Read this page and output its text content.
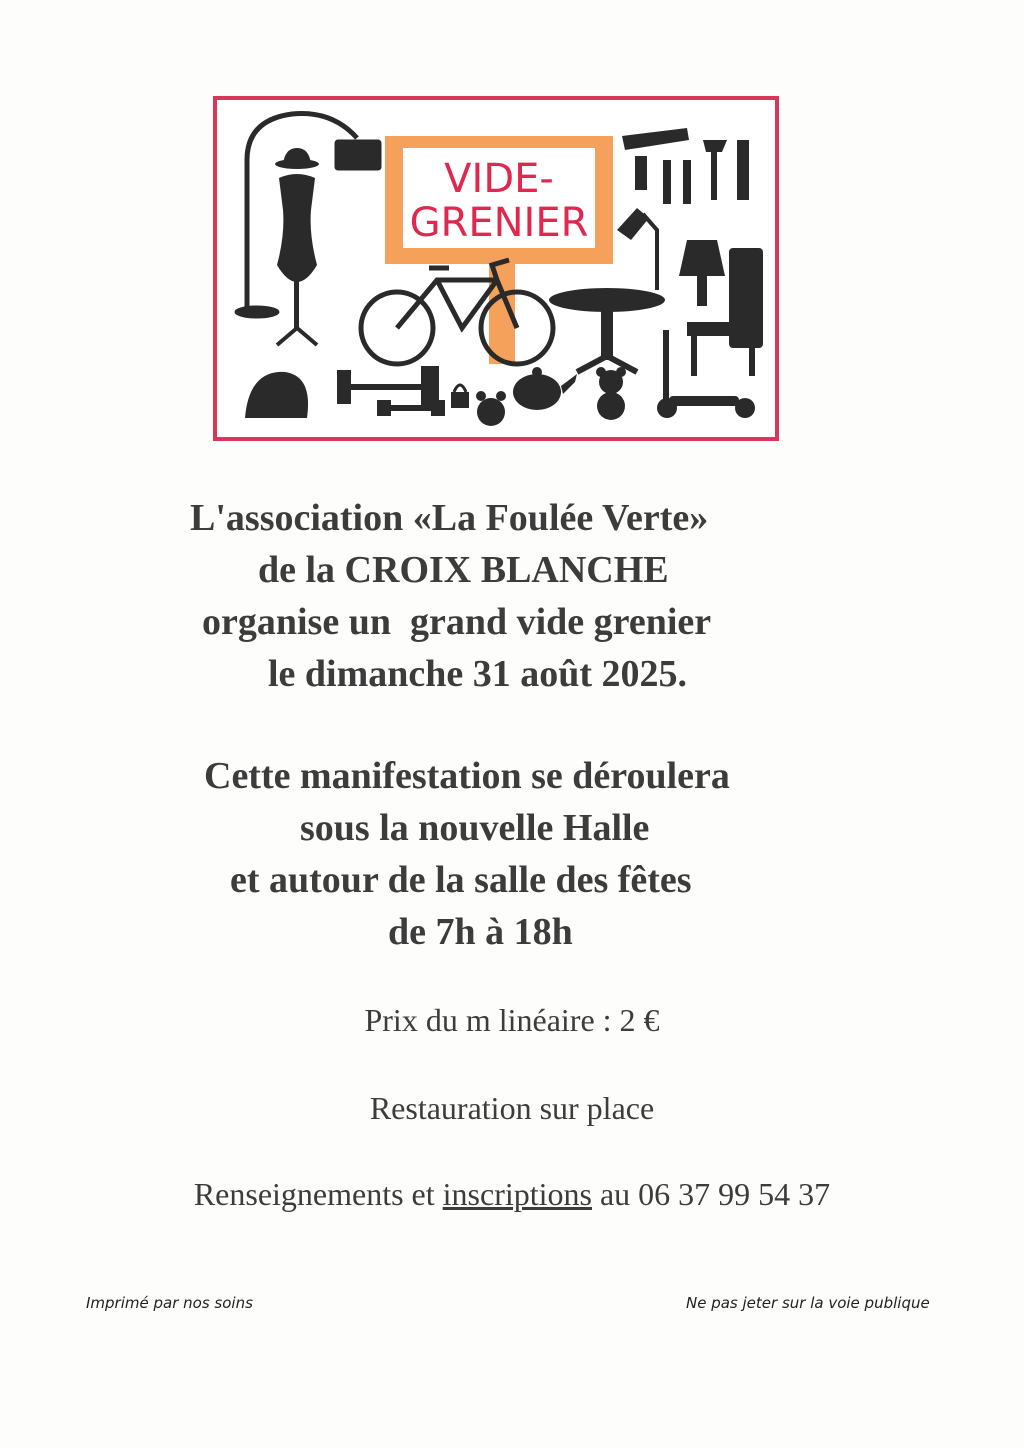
VIDE-
GRENIER
L'association «La Foulée Verte»
de la CROIX BLANCHE
organise un  grand vide grenier
le dimanche 31 août 2025.
Cette manifestation se déroulera
sous la nouvelle Halle
et autour de la salle des fêtes
de 7h à 18h
Prix du m linéaire : 2 €
Restauration sur place
Renseignements et inscriptions au 06 37 99 54 37
Imprimé par nos soins	Ne pas jeter sur la voie publique
